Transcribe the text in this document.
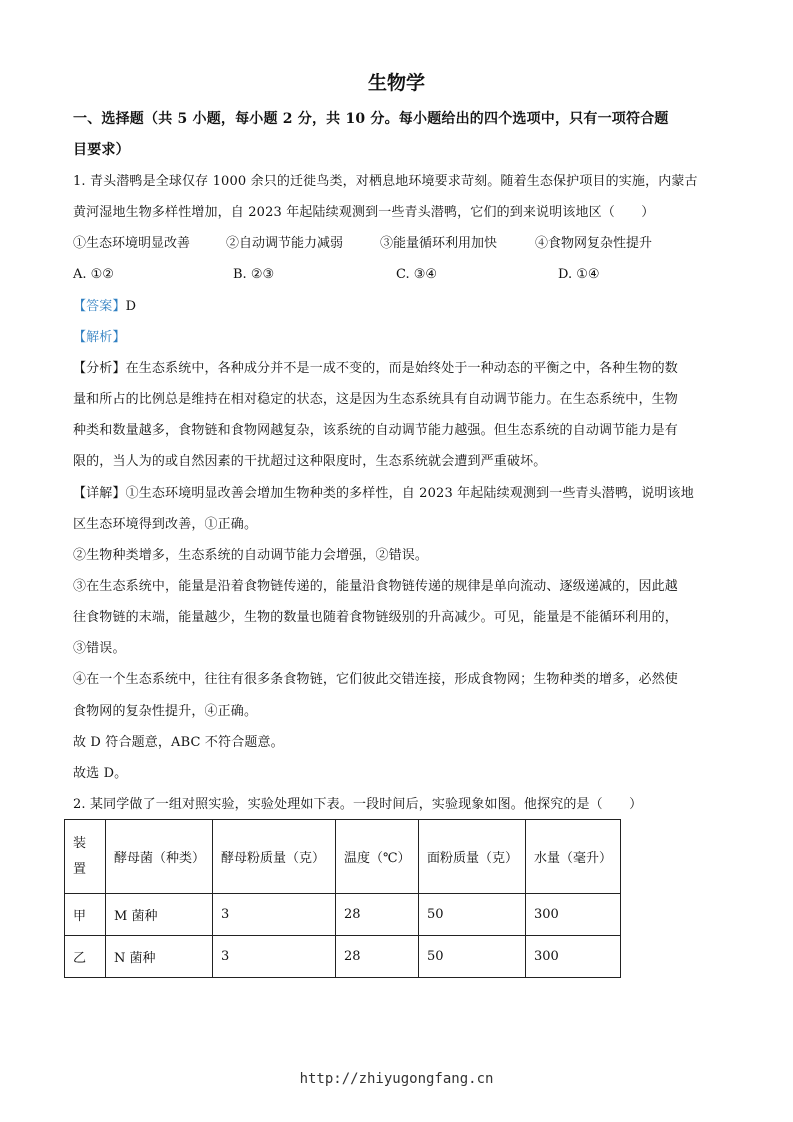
生物学
一、选择题（共 5 小题，每小题 2 分，共 10 分。每小题给出的四个选项中，只有一项符合题
目要求）
1. 青头潜鸭是全球仅存 1000 余只的迁徙鸟类，对栖息地环境要求苛刻。随着生态保护项目的实施，内蒙古
黄河湿地生物多样性增加，自 2023 年起陆续观测到一些青头潜鸭，它们的到来说明该地区（　　）
①生态环境明显改善	②自动调节能力减弱	③能量循环利用加快	④食物网复杂性提升
A. ①②	B. ②③	C. ③④	D. ①④
【答案】D
【解析】
【分析】在生态系统中，各种成分并不是一成不变的，而是始终处于一种动态的平衡之中，各种生物的数
量和所占的比例总是维持在相对稳定的状态，这是因为生态系统具有自动调节能力。在生态系统中，生物
种类和数量越多，食物链和食物网越复杂，该系统的自动调节能力越强。但生态系统的自动调节能力是有
限的，当人为的或自然因素的干扰超过这种限度时，生态系统就会遭到严重破坏。
【详解】①生态环境明显改善会增加生物种类的多样性，自 2023 年起陆续观测到一些青头潜鸭，说明该地
区生态环境得到改善，①正确。
②生物种类增多，生态系统的自动调节能力会增强，②错误。
③在生态系统中，能量是沿着食物链传递的，能量沿食物链传递的规律是单向流动、逐级递减的，因此越
往食物链的末端，能量越少，生物的数量也随着食物链级别的升高减少。可见，能量是不能循环利用的，
③错误。
④在一个生态系统中，往往有很多条食物链，它们彼此交错连接，形成食物网；生物种类的增多，必然使
食物网的复杂性提升，④正确。
故 D 符合题意，ABC 不符合题意。
故选 D。
2. 某同学做了一组对照实验，实验处理如下表。一段时间后，实验现象如图。他探究的是（　　）
装
置	酵母菌（种类）	酵母粉质量（克）	温度（℃）	面粉质量（克）	水量（毫升）
甲	M 菌种	3	28	50	300
乙	N 菌种	3	28	50	300
http://zhiyugongfang.cn
